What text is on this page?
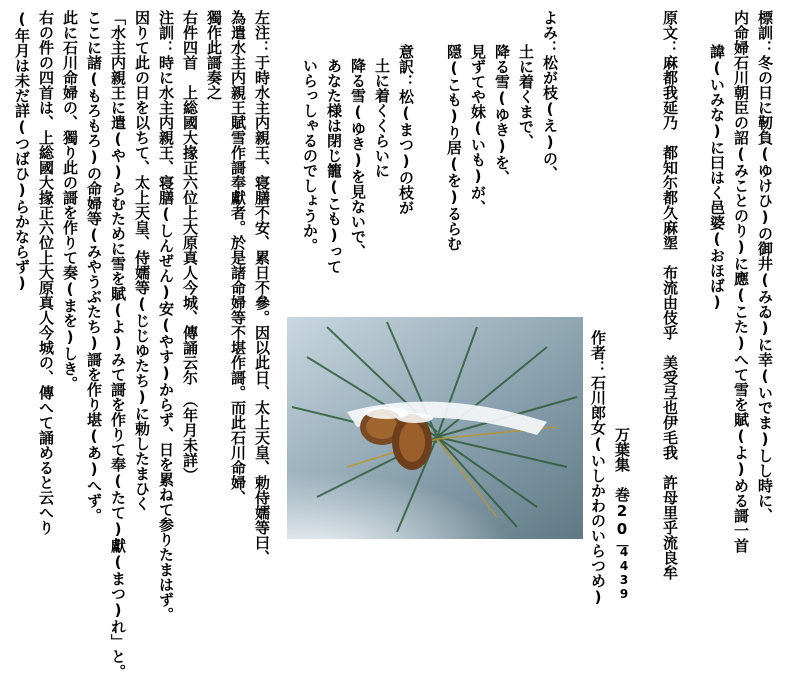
標訓：冬の日に靭負(ゆけひ)の御井(みゐ)に幸(いでま)しし時に、

内命婦石川朝臣の詔(みことのり)に應(こた)へて雪を賦(よ)める謌一首

諱(いみな)に曰はく邑婆(おほば)

原文：麻都我延乃　都知尓都久麻埿　布流由伎乎　美受弖也伊毛我　許母里乎流良牟

万葉集　巻20－

4439

作者：石川郎女(いしかわのいらつめ)

よみ：松が枝(え)の、

土に着くまで、

降る雪(ゆき)を、

見ずてや妹(いも)が、

隠(こも)り居(を)るらむ

意訳：松(まつ)の枝が

土に着くくらいに

降る雪(ゆき)を見ないで、

あなた様は閉じ籠(こも)って

いらっしゃるのでしょうか。

左注：于時水主内親王、寝膳不安、累日不參。因以此日、太上天皇、勅侍嬬等曰、

為遣水主内親王賦雪作謌奉獻者。於是諸命婦等不堪作謌。而此石川命婦、

獨作此謌奏之

右件四首　上総國大掾正六位上大原真人今城、傳誦云尓　（年月未詳）

注訓：時に水主内親王、寝膳(しんぜん)安(やす)からず、日を累ねて参りたまはず。

因りて此の日を以ちて、太上天皇、侍嬬等(じじゆたち)に勅したまひく

「水主内親王に遣(や)らむために雪を賦(よ)みて謌を作りて奉(たて)獻(まつ)れ」と。

ここに諸(もろもろ)の命婦等(みやうぶたち)謌を作り堪(あ)へず。

此に石川命婦の、獨り此の謌を作りて奏(まを)しき。

右の件の四首は、上総國大掾正六位上大原真人今城の、傳へて誦めると云へり

(年月は未だ詳(つばひ)らかならず)
